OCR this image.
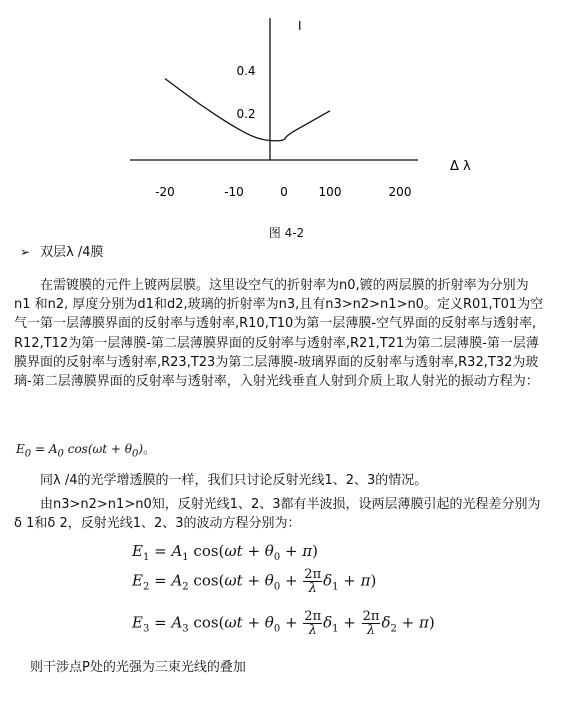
-20	-10	0	100	200
0.4
0.2
I
Δ λ
图 4-2
➢ 双层λ /4膜
在需镀膜的元件上镀两层膜。这里设空气的折射率为n0,镀的两层膜的折射率为分别为n1 和n2, 厚度分别为d1和d2,玻璃的折射率为n3,且有n3>n2>n1>n0。定义R01,T01为空气一第一层薄膜界面的反射率与透射率,R10,T10为第一层薄膜-空气界面的反射率与透射率, R12,T12为第一层薄膜-第二层薄膜界面的反射率与透射率,R21,T21为第二层薄膜-第一层薄膜界面的反射率与透射率,R23,T23为第二层薄膜-玻璃界面的反射率与透射率,R32,T32为玻璃-第二层薄膜界面的反射率与透射率，入射光线垂直人射到介质上取人射光的振动方程为：
$E_0 = A_0$ $\cos(\omega t + \theta_0)$。
同λ /4的光学增透膜的一样，我们只讨论反射光线1、2、3的情况。
由n3>n2>n1>n0知，反射光线1、2、3都有半波损，设两层薄膜引起的光程差分别为δ 1和δ 2，反射光线1、2、3的波动方程分别为：
$E_1 = A_1$ $\cos(\omega t + \theta_0 + \pi)$
$E_2 = A_2$ $\cos(\omega t + \theta_0 + \frac{2\pi}{\lambda} \delta_1 + \pi)$
$E_3 = A_3$ $\cos(\omega t + \theta_0 + \frac{2\pi}{\lambda} \delta_1 + \frac{2\pi}{\lambda} \delta_2 + \pi)$
则干涉点P处的光强为三束光线的叠加
